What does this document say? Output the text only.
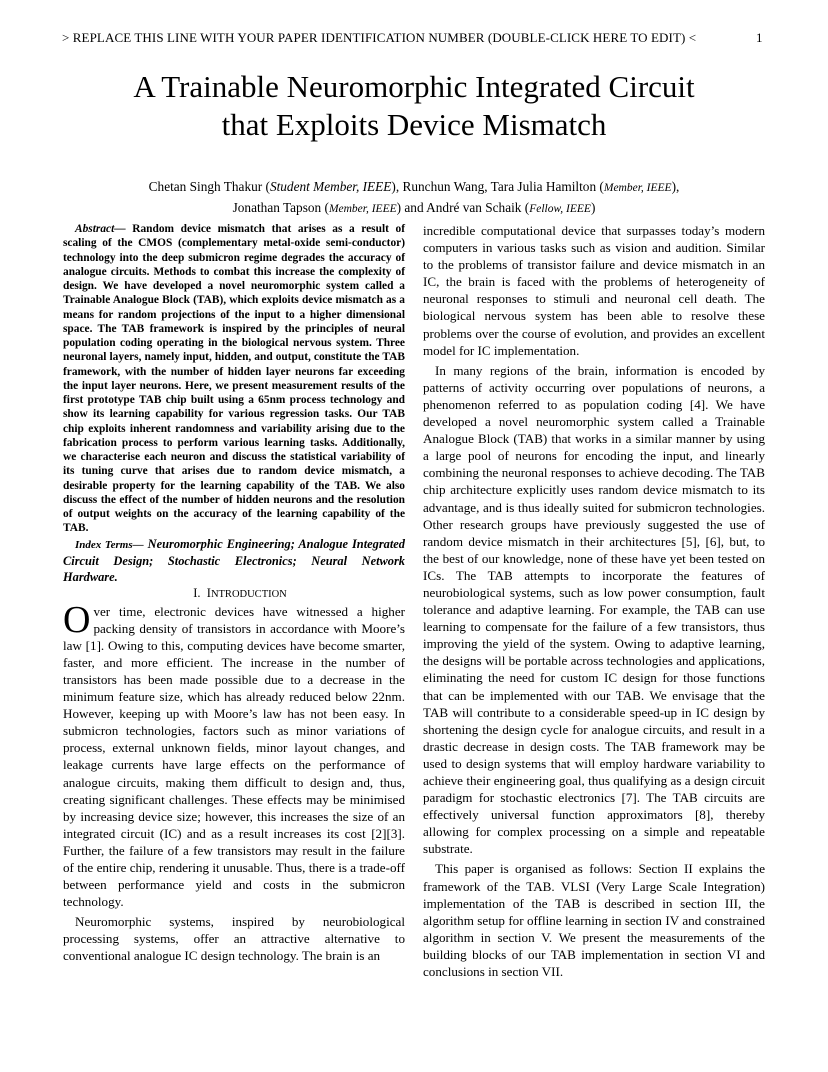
> REPLACE THIS LINE WITH YOUR PAPER IDENTIFICATION NUMBER (DOUBLE-CLICK HERE TO EDIT) <	1
A Trainable Neuromorphic Integrated Circuit
that Exploits Device Mismatch
Chetan Singh Thakur (Student Member, IEEE), Runchun Wang, Tara Julia Hamilton (Member, IEEE),
Jonathan Tapson (Member, IEEE) and André van Schaik (Fellow, IEEE)

Abstract— Random device mismatch that arises as a result of scaling of the CMOS (complementary metal-oxide semi-conductor) technology into the deep submicron regime degrades the accuracy of analogue circuits. Methods to combat this increase the complexity of design. We have developed a novel neuromorphic system called a Trainable Analogue Block (TAB), which exploits device mismatch as a means for random projections of the input to a higher dimensional space. The TAB framework is inspired by the principles of neural population coding operating in the biological nervous system. Three neuronal layers, namely input, hidden, and output, constitute the TAB framework, with the number of hidden layer neurons far exceeding the input layer neurons. Here, we present measurement results of the first prototype TAB chip built using a 65nm process technology and show its learning capability for various regression tasks. Our TAB chip exploits inherent randomness and variability arising due to the fabrication process to perform various learning tasks. Additionally, we characterise each neuron and discuss the statistical variability of its tuning curve that arises due to random device mismatch, a desirable property for the learning capability of the TAB. We also discuss the effect of the number of hidden neurons and the resolution of output weights on the accuracy of the learning capability of the TAB.

Index Terms— Neuromorphic Engineering; Analogue Integrated Circuit Design; Stochastic Electronics; Neural Network Hardware.

I. INTRODUCTION

Over time, electronic devices have witnessed a higher packing density of transistors in accordance with Moore’s law [1]. Owing to this, computing devices have become smarter, faster, and more efficient. The increase in the number of transistors has been made possible due to a decrease in the minimum feature size, which has already reduced below 22nm. However, keeping up with Moore’s law has not been easy. In submicron technologies, factors such as minor variations of process, external unknown fields, minor layout changes, and leakage currents have large effects on the performance of analogue circuits, making them difficult to design and, thus, creating significant challenges. These effects may be minimised by increasing device size; however, this increases the size of an integrated circuit (IC) and as a result increases its cost [2][3]. Further, the failure of a few transistors may result in the failure of the entire chip, rendering it unusable. Thus, there is a trade-off between performance yield and costs in the submicron technology.

Neuromorphic systems, inspired by neurobiological processing systems, offer an attractive alternative to conventional analogue IC design technology. The brain is an

incredible computational device that surpasses today’s modern computers in various tasks such as vision and audition. Similar to the problems of transistor failure and device mismatch in an IC, the brain is faced with the problems of heterogeneity of neuronal responses to stimuli and neuronal cell death. The biological nervous system has been able to resolve these problems over the course of evolution, and provides an excellent model for IC implementation.

In many regions of the brain, information is encoded by patterns of activity occurring over populations of neurons, a phenomenon referred to as population coding [4]. We have developed a novel neuromorphic system called a Trainable Analogue Block (TAB) that works in a similar manner by using a large pool of neurons for encoding the input, and linearly combining the neuronal responses to achieve decoding. The TAB chip architecture explicitly uses random device mismatch to its advantage, and is thus ideally suited for submicron technologies. Other research groups have previously suggested the use of random device mismatch in their architectures [5], [6], but, to the best of our knowledge, none of these have yet been tested on ICs. The TAB attempts to incorporate the features of neurobiological systems, such as low power consumption, fault tolerance and adaptive learning. For example, the TAB can use learning to compensate for the failure of a few transistors, thus improving the yield of the system. Owing to adaptive learning, the designs will be portable across technologies and applications, eliminating the need for custom IC design for those functions that can be implemented with our TAB. We envisage that the TAB will contribute to a considerable speed-up in IC design by shortening the design cycle for analogue circuits, and result in a drastic decrease in design costs. The TAB framework may be used to design systems that will employ hardware variability to achieve their engineering goal, thus qualifying as a design circuit paradigm for stochastic electronics [7]. The TAB circuits are effectively universal function approximators [8], thereby allowing for complex processing on a simple and repeatable substrate.

This paper is organised as follows: Section II explains the framework of the TAB. VLSI (Very Large Scale Integration) implementation of the TAB is described in section III, the algorithm setup for offline learning in section IV and constrained algorithm in section V. We present the measurements of the building blocks of our TAB implementation in section VI and conclusions in section VII.
